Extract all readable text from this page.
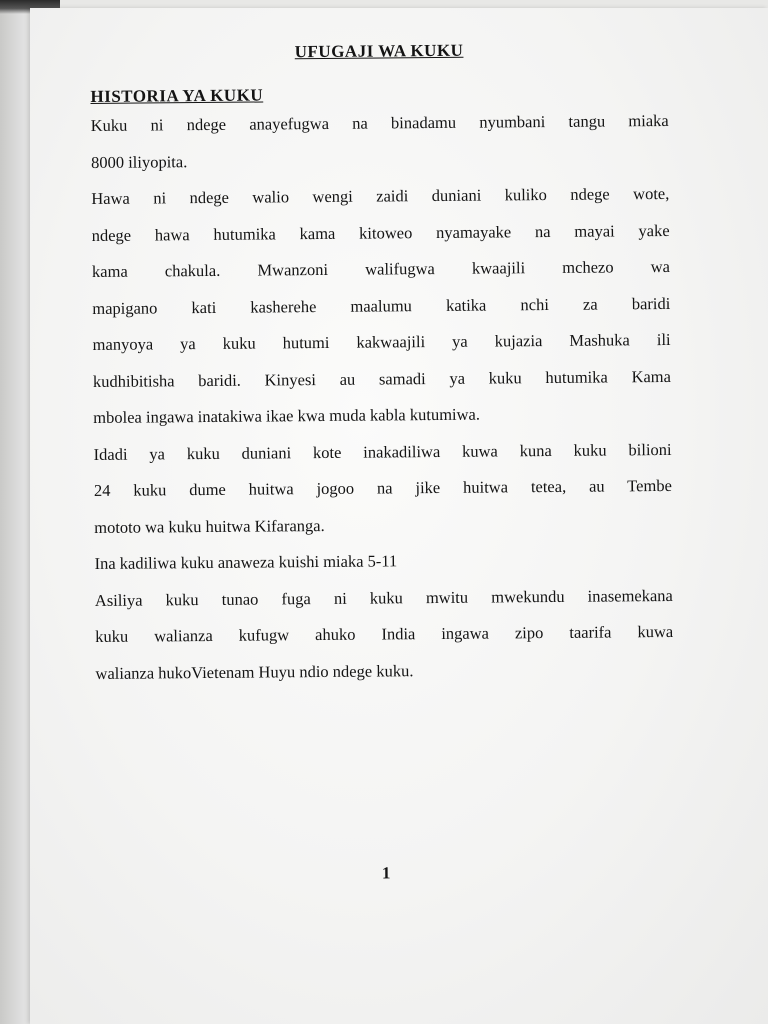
UFUGAJI WA KUKU
HISTORIA YA KUKU
Kuku ni ndege anayefugwa na binadamu nyumbani tangu miaka
8000 iliyopita.
Hawa ni ndege walio wengi zaidi duniani kuliko ndege wote,
ndege hawa hutumika kama kitoweo nyamayake na mayai yake
kama chakula. Mwanzoni walifugwa kwaajili mchezo wa
mapigano kati kasherehe maalumu katika nchi za baridi
manyoya ya kuku hutumi kakwaajili ya kujazia Mashuka ili
kudhibitisha baridi. Kinyesi au samadi ya kuku hutumika Kama
mbolea ingawa inatakiwa ikae kwa muda kabla kutumiwa.
Idadi ya kuku duniani kote inakadiliwa kuwa kuna kuku bilioni
24 kuku dume huitwa jogoo na jike huitwa tetea, au Tembe
mototo wa kuku huitwa Kifaranga.
Ina kadiliwa kuku anaweza kuishi miaka 5-11
Asiliya kuku tunao fuga ni kuku mwitu mwekundu inasemekana
kuku walianza kufugw ahuko India ingawa zipo taarifa kuwa
walianza hukoVietenam Huyu ndio ndege kuku.
1
